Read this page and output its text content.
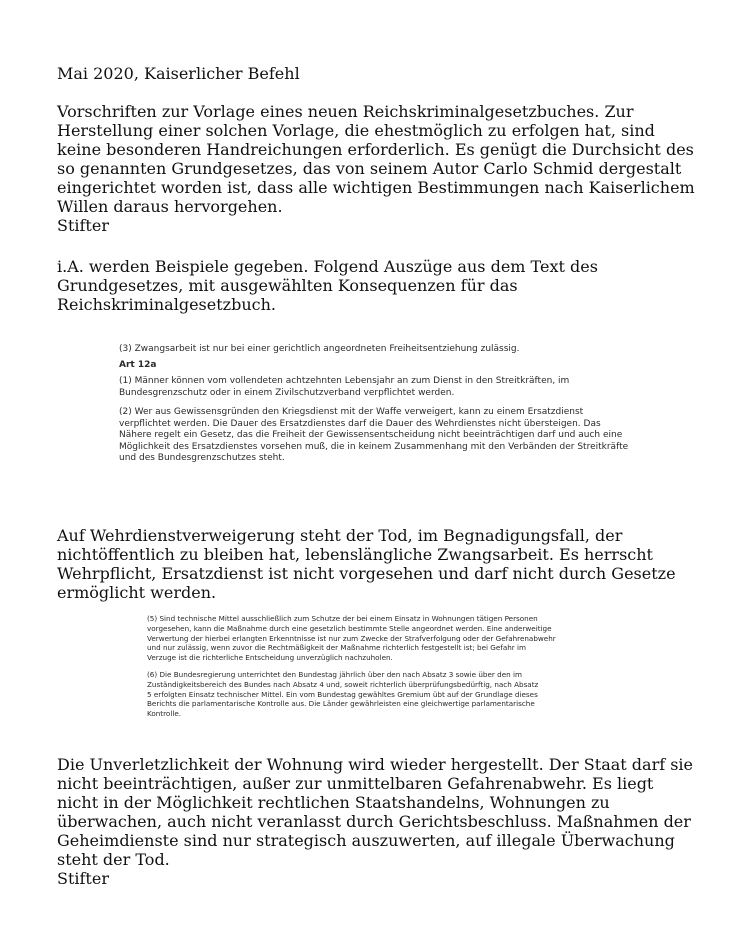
Mai 2020, Kaiserlicher Befehl

Vorschriften zur Vorlage eines neuen Reichskriminalgesetzbuches. Zur
Herstellung einer solchen Vorlage, die ehestmöglich zu erfolgen hat, sind
keine besonderen Handreichungen erforderlich. Es genügt die Durchsicht des
so genannten Grundgesetzes, das von seinem Autor Carlo Schmid dergestalt
eingerichtet worden ist, dass alle wichtigen Bestimmungen nach Kaiserlichem
Willen daraus hervorgehen.
Stifter

i.A. werden Beispiele gegeben. Folgend Auszüge aus dem Text des
Grundgesetzes, mit ausgewählten Konsequenzen für das
Reichskriminalgesetzbuch.

(3) Zwangsarbeit ist nur bei einer gerichtlich angeordneten Freiheitsentziehung zulässig.

Art 12a

(1) Männer können vom vollendeten achtzehnten Lebensjahr an zum Dienst in den Streitkräften, im
Bundesgrenzschutz oder in einem Zivilschutzverband verpflichtet werden.

(2) Wer aus Gewissensgründen den Kriegsdienst mit der Waffe verweigert, kann zu einem Ersatzdienst
verpflichtet werden. Die Dauer des Ersatzdienstes darf die Dauer des Wehrdienstes nicht übersteigen. Das
Nähere regelt ein Gesetz, das die Freiheit der Gewissensentscheidung nicht beeinträchtigen darf und auch eine
Möglichkeit des Ersatzdienstes vorsehen muß, die in keinem Zusammenhang mit den Verbänden der Streitkräfte
und des Bundesgrenzschutzes steht.

Auf Wehrdienstverweigerung steht der Tod, im Begnadigungsfall, der
nichtöffentlich zu bleiben hat, lebenslängliche Zwangsarbeit. Es herrscht
Wehrpflicht, Ersatzdienst ist nicht vorgesehen und darf nicht durch Gesetze
ermöglicht werden.

(5) Sind technische Mittel ausschließlich zum Schutze der bei einem Einsatz in Wohnungen tätigen Personen
vorgesehen, kann die Maßnahme durch eine gesetzlich bestimmte Stelle angeordnet werden. Eine anderweitige
Verwertung der hierbei erlangten Erkenntnisse ist nur zum Zwecke der Strafverfolgung oder der Gefahrenabwehr
und nur zulässig, wenn zuvor die Rechtmäßigkeit der Maßnahme richterlich festgestellt ist; bei Gefahr im
Verzuge ist die richterliche Entscheidung unverzüglich nachzuholen.

(6) Die Bundesregierung unterrichtet den Bundestag jährlich über den nach Absatz 3 sowie über den im
Zuständigkeitsbereich des Bundes nach Absatz 4 und, soweit richterlich überprüfungsbedürftig, nach Absatz
5 erfolgten Einsatz technischer Mittel. Ein vom Bundestag gewähltes Gremium übt auf der Grundlage dieses
Berichts die parlamentarische Kontrolle aus. Die Länder gewährleisten eine gleichwertige parlamentarische
Kontrolle.

Die Unverletzlichkeit der Wohnung wird wieder hergestellt. Der Staat darf sie
nicht beeinträchtigen, außer zur unmittelbaren Gefahrenabwehr. Es liegt
nicht in der Möglichkeit rechtlichen Staatshandelns, Wohnungen zu
überwachen, auch nicht veranlasst durch Gerichtsbeschluss. Maßnahmen der
Geheimdienste sind nur strategisch auszuwerten, auf illegale Überwachung
steht der Tod.
Stifter
